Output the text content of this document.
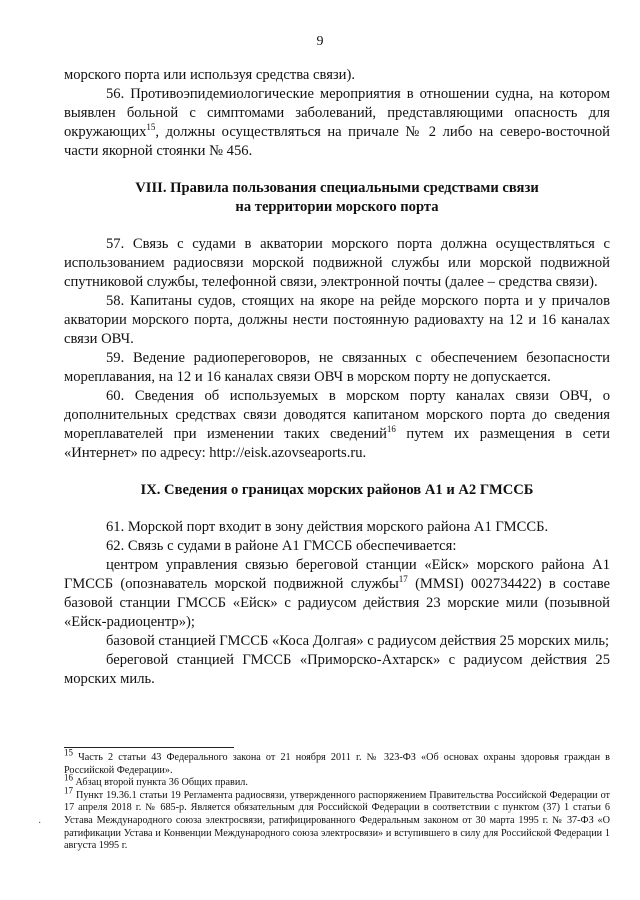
9

морского порта или используя средства связи).

56. Противоэпидемиологические мероприятия в отношении судна, на котором выявлен больной с симптомами заболеваний, представляющими опасность для окружающих$^{15}$, должны осуществляться на причале № 2 либо на северо-восточной части якорной стоянки № 456.

VIII. Правила пользования специальными средствами связи
на территории морского порта

57. Связь с судами в акватории морского порта должна осуществляться с использованием радиосвязи морской подвижной службы или морской подвижной спутниковой службы, телефонной связи, электронной почты (далее – средства связи).

58. Капитаны судов, стоящих на якоре на рейде морского порта и у причалов акватории морского порта, должны нести постоянную радиовахту на 12 и 16 каналах связи ОВЧ.

59. Ведение радиопереговоров, не связанных с обеспечением безопасности мореплавания, на 12 и 16 каналах связи ОВЧ в морском порту не допускается.

60. Сведения об используемых в морском порту каналах связи ОВЧ, о дополнительных средствах связи доводятся капитаном морского порта до сведения мореплавателей при изменении таких сведений$^{16}$ путем их размещения в сети «Интернет» по адресу: http://eisk.azovseaports.ru.

IX. Сведения о границах морских районов А1 и А2 ГМССБ

61. Морской порт входит в зону действия морского района А1 ГМССБ.

62. Связь с судами в районе А1 ГМССБ обеспечивается:

центром управления связью береговой станции «Ейск» морского района А1 ГМССБ (опознаватель морской подвижной службы$^{17}$ (MMSI) 002734422) в составе базовой станции ГМССБ «Ейск» с радиусом действия 23 морские мили (позывной «Ейск-радиоцентр»);

базовой станцией ГМССБ «Коса Долгая» с радиусом действия 25 морских миль;

береговой станцией ГМССБ «Приморско-Ахтарск» с радиусом действия 25 морских миль.

·

$^{15}$ Часть 2 статьи 43 Федерального закона от 21 ноября 2011 г. № 323-ФЗ «Об основах охраны здоровья граждан в Российской Федерации».

$^{16}$ Абзац второй пункта 36 Общих правил.

$^{17}$ Пункт 19.36.1 статьи 19 Регламента радиосвязи, утвержденного распоряжением Правительства Российской Федерации от 17 апреля 2018 г. № 685-р. Является обязательным для Российской Федерации в соответствии с пунктом (37) 1 статьи 6 Устава Международного союза электросвязи, ратифицированного Федеральным законом от 30 марта 1995 г. № 37-ФЗ «О ратификации Устава и Конвенции Международного союза электросвязи» и вступившего в силу для Российской Федерации 1 августа 1995 г.
